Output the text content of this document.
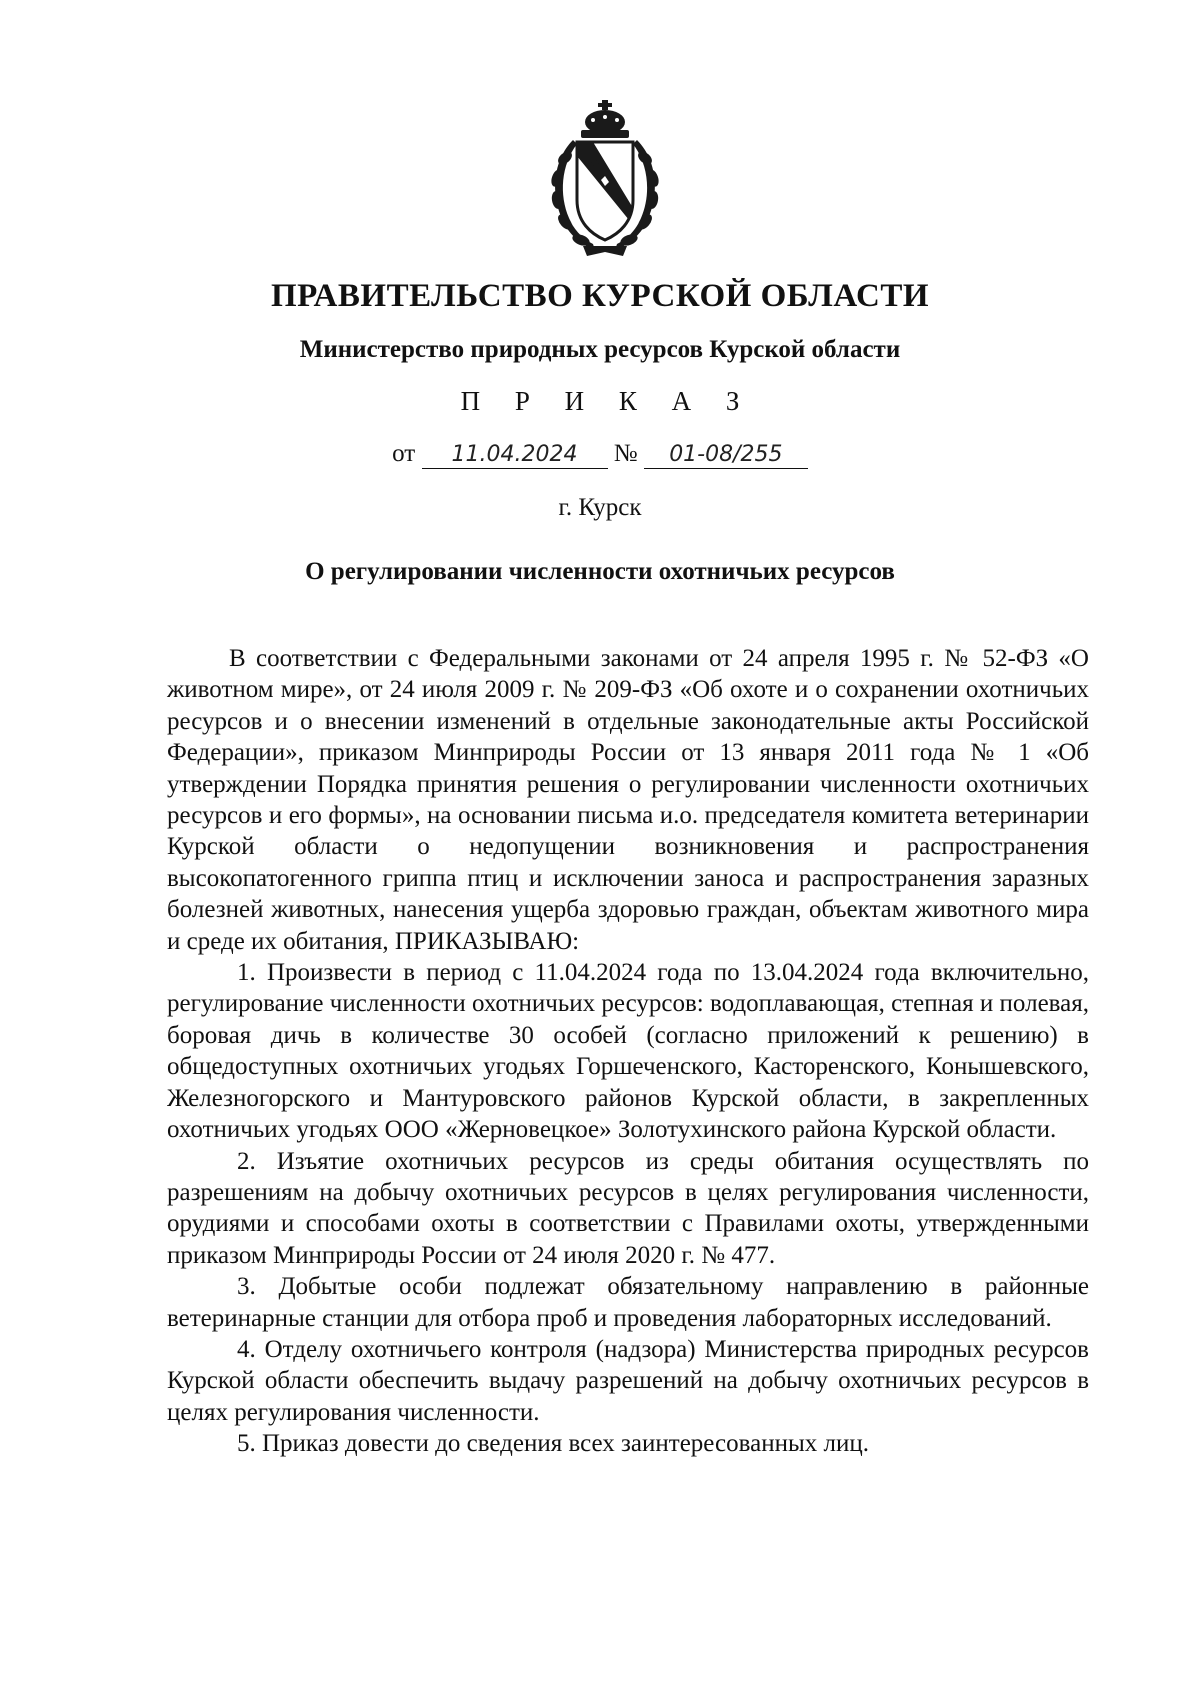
ПРАВИТЕЛЬСТВО КУРСКОЙ ОБЛАСТИ
Министерство природных ресурсов Курской области
П Р И К А З
от 11.04.2024 № 01-08/255
г. Курск
О регулировании численности охотничьих ресурсов

В соответствии с Федеральными законами от 24 апреля 1995 г. № 52-ФЗ «О животном мире», от 24 июля 2009 г. № 209-ФЗ «Об охоте и о сохранении охотничьих ресурсов и о внесении изменений в отдельные законодательные акты Российской Федерации», приказом Минприроды России от 13 января 2011 года № 1 «Об утверждении Порядка принятия решения о регулировании численности охотничьих ресурсов и его формы», на основании письма и.о. председателя комитета ветеринарии Курской области о недопущении возникновения и распространения высокопатогенного гриппа птиц и исключении заноса и распространения заразных болезней животных, нанесения ущерба здоровью граждан, объектам животного мира и среде их обитания, ПРИКАЗЫВАЮ:

1. Произвести в период с 11.04.2024 года по 13.04.2024 года включительно, регулирование численности охотничьих ресурсов: водоплавающая, степная и полевая, боровая дичь в количестве 30 особей (согласно приложений к решению) в общедоступных охотничьих угодьях Горшеченского, Касторенского, Конышевского, Железногорского и Мантуровского районов Курской области, в закрепленных охотничьих угодьях ООО «Жерновецкое» Золотухинского района Курской области.

2. Изъятие охотничьих ресурсов из среды обитания осуществлять по разрешениям на добычу охотничьих ресурсов в целях регулирования численности, орудиями и способами охоты в соответствии с Правилами охоты, утвержденными приказом Минприроды России от 24 июля 2020 г. № 477.

3. Добытые особи подлежат обязательному направлению в районные ветеринарные станции для отбора проб и проведения лабораторных исследований.

4. Отделу охотничьего контроля (надзора) Министерства природных ресурсов Курской области обеспечить выдачу разрешений на добычу охотничьих ресурсов в целях регулирования численности.

5. Приказ довести до сведения всех заинтересованных лиц.
